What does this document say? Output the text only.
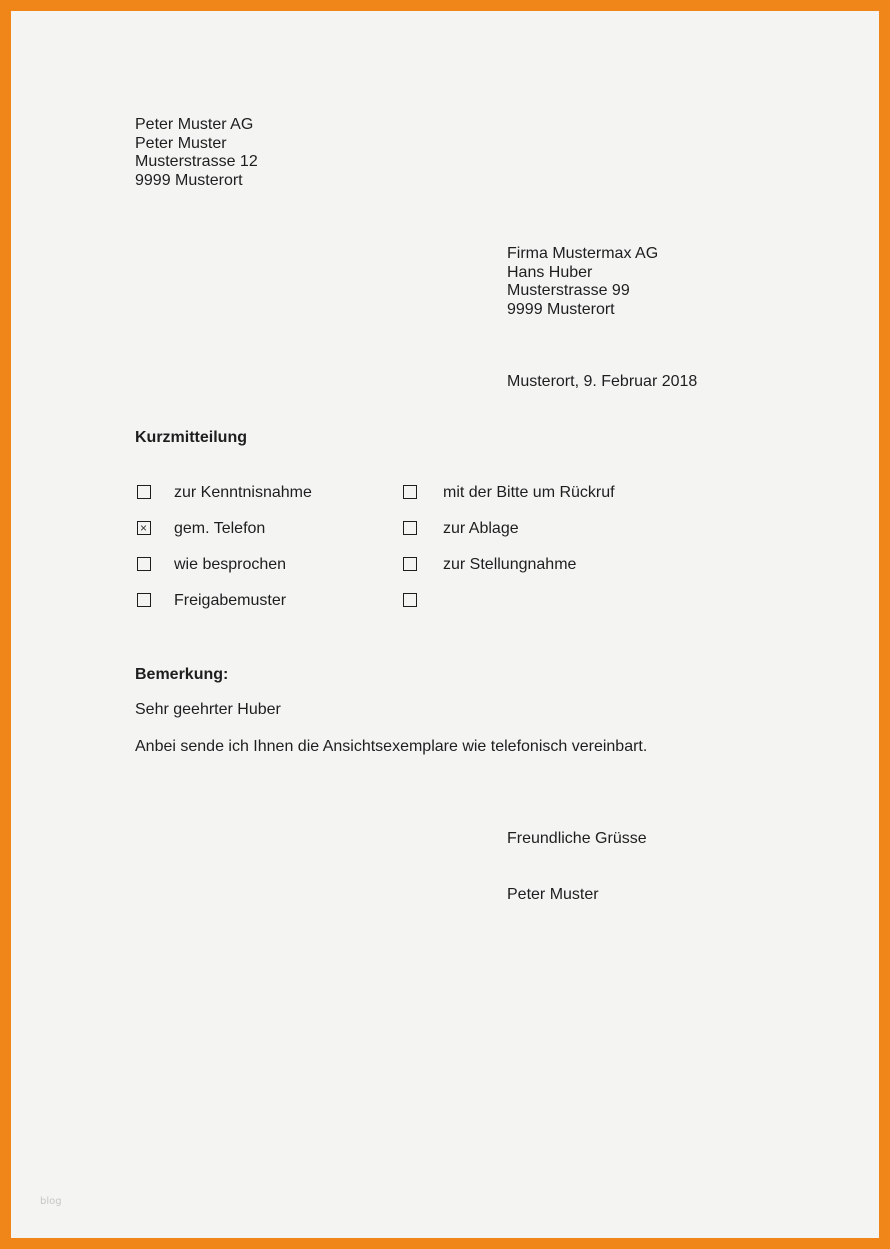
Peter Muster AG
Peter Muster
Musterstrasse 12
9999 Musterort
Firma Mustermax AG
Hans Huber
Musterstrasse 99
9999 Musterort
Musterort, 9. Februar 2018
Kurzmitteilung
zur Kenntnisnahme
×
gem. Telefon
wie besprochen
Freigabemuster
mit der Bitte um Rückruf
zur Ablage
zur Stellungnahme
Bemerkung:
Sehr geehrter Huber
Anbei sende ich Ihnen die Ansichtsexemplare wie telefonisch vereinbart.
Freundliche Grüsse
Peter Muster
blog
